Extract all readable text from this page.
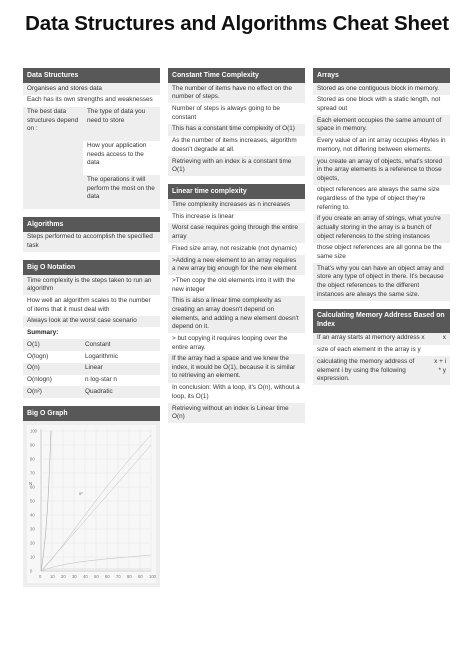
Data Structures and Algorithms Cheat Sheet
Data Structures
Organises and stores data
Each has its own strengths and weaknesses
The best data structures depend on :
The type of data you need to store
How your application needs access to the data
The operations it will perform the most on the data
Algorithms
Steps performed to accomplish the specified task
Big O Notation
Time complexity is the steps taken to run an algorithm
How well an algorithm scales to the number of items that it must deal with
Always look at the worst case scenario
Summary:
O(1)	Constant
O(logn)	Logarithmic
O(n)	Linear
O(nlogn)	n log-star n
O(n²)	Quadratic
Big O Graph
100
90
80
70
60
50
40
30
20
10
0
0 10 20 30 40 50 60 70 80 90 100
N
x²
Constant Time Complexity
The number of items have no effect on the number of steps.
Number of steps is always going to be constant
This has a constant time complexity of O(1)
As the number of items increases, algorithm doesn't degrade at all.
Retrieving with an index is a constant time O(1)
Linear time complexity
Time complexity increases as n increases
This increase is linear
Worst case requires going through the entire array
Fixed size array, not resizable (not dynamic)
>Adding a new element to an array requires a new array big enough for the new element
>Then copy the old elements into it with the new integer
This is also a linear time complexity as creating an array doesn't depend on elements, and adding a new element doesn't depend on it.
> but copying it requires looping over the entire array.
If the array had a space and we knew the index, it would be O(1), because it is similar to retrieving an element.
In conclusion: With a loop, it's O(n), without a loop, its O(1)
Retrieving without an index is Linear time O(n)
Arrays
Stored as one contiguous block in memory.
Stored as one block with a static length, not spread out
Each element occupies the same amount of space in memory.
Every value of an int array occupies 4bytes in memory, not differing between elements.
you create an array of objects, what's stored in the array elements is a reference to those objects,
object references are always the same size regardless of the type of object they're referring to.
if you create an array of strings, what you're actually storing in the array is a bunch of object references to the string instances
those object references are all gonna be the same size
That's why you can have an object array and store any type of object in there. It's because the object references to the different instances are always the same size.
Calculating Memory Address Based on Index
If an array starts at memory address x	x
size of each element in the array is y
calculating the memory address of element i by using the following expression.
x + i * y
